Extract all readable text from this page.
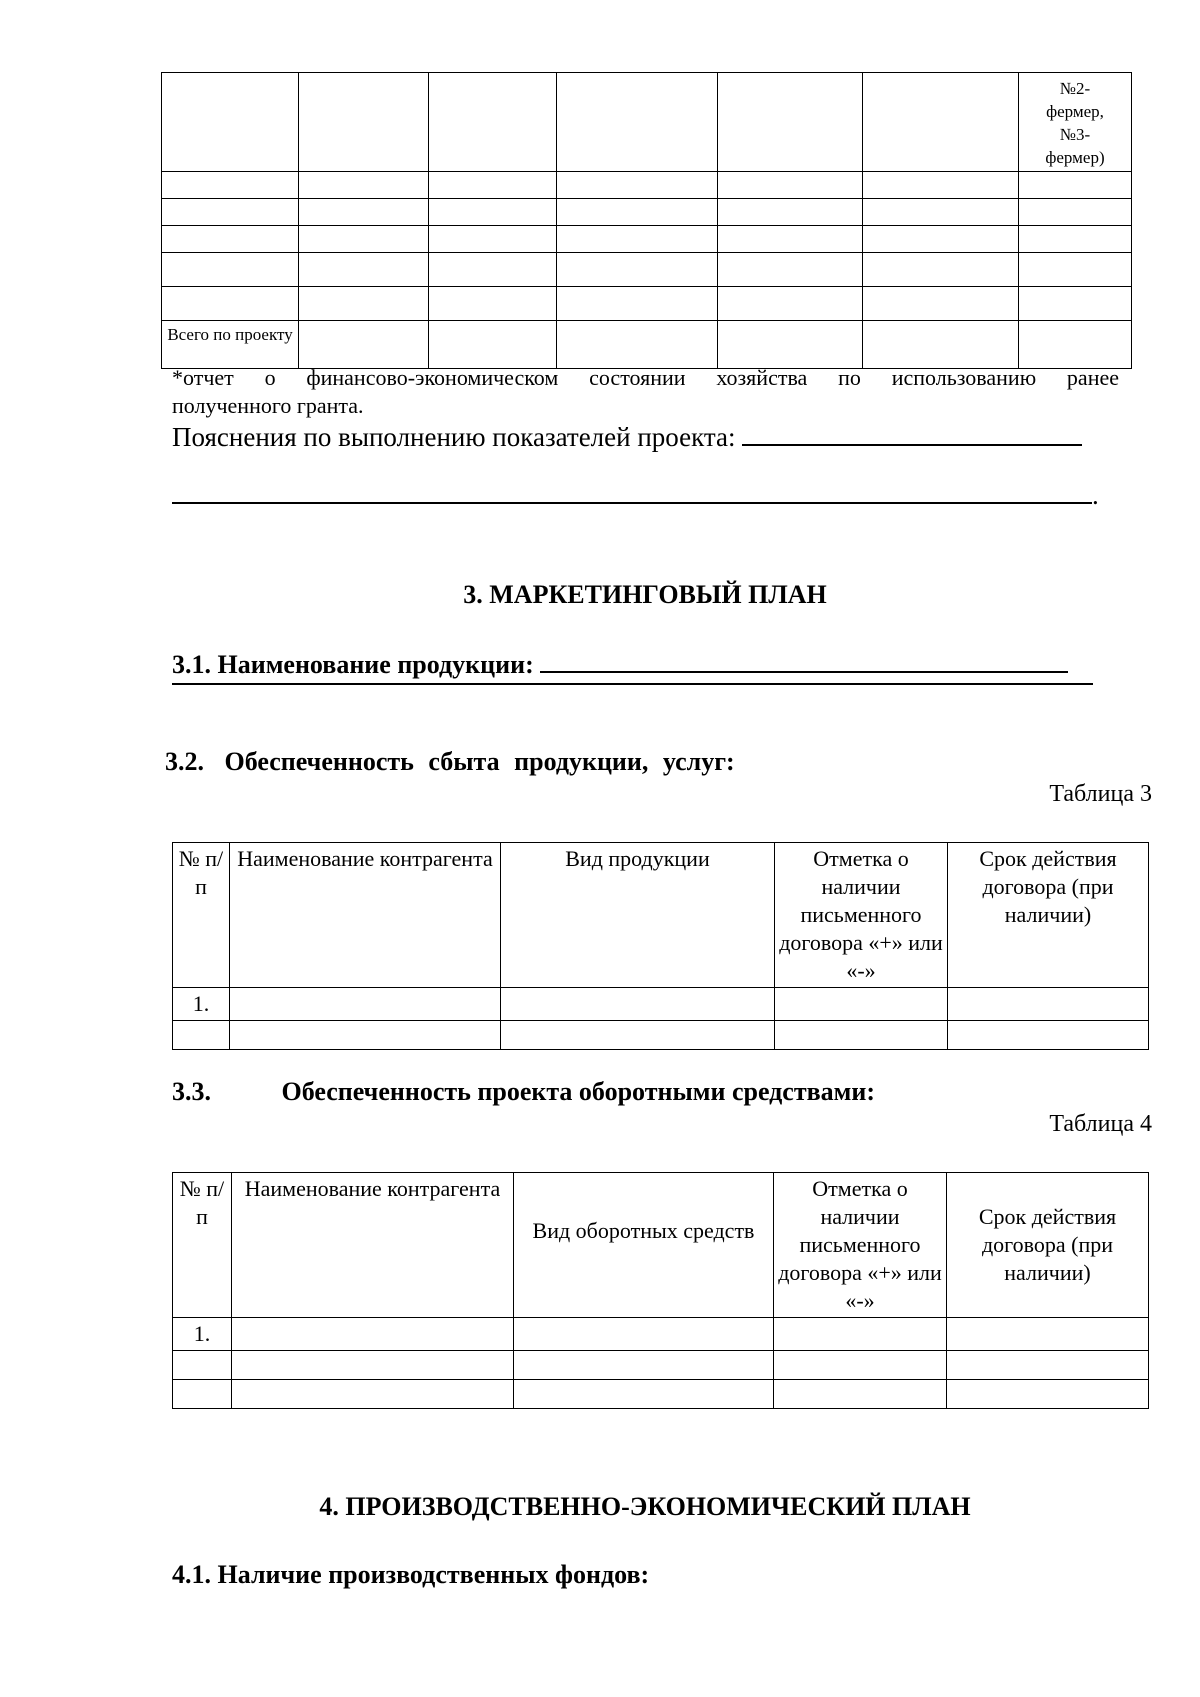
						№2-
фермер,
№3-
фермер)

Всего по проекту						
*отчет о финансово-экономическом состоянии хозяйства по использованию ранее
полученного гранта.
Пояснения по выполнению показателей проекта:
.
3. МАРКЕТИНГОВЫЙ ПЛАН
3.1. Наименование продукции:
3.2. Обеспеченность сбыта продукции, услуг:
Таблица 3
№ п/п	Наименование контрагента	Вид продукции	Отметка о наличии письменного договора «+» или «-»	Срок действия договора (при наличии)
1.				

3.3.	Обеспеченность проекта оборотными средствами:
Таблица 4
№ п/п	Наименование контрагента	Вид оборотных средств	Отметка о наличии письменного договора «+» или «-»	Срок действия договора (при наличии)
1.				

4. ПРОИЗВОДСТВЕННО-ЭКОНОМИЧЕСКИЙ ПЛАН
4.1. Наличие производственных фондов:
